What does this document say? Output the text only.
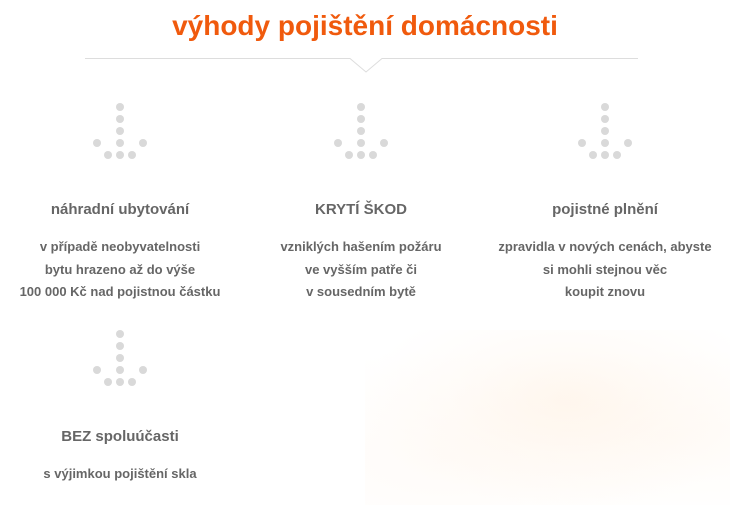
výhody pojištění domácnosti

náhradní ubytování

v případě neobyvatelnosti
bytu hrazeno až do výše
100 000 Kč nad pojistnou částku

KRYTÍ ŠKOD

vzniklých hašením požáru
ve vyšším patře či
v sousedním bytě

pojistné plnění

zpravidla v nových cenách, abyste
si mohli stejnou věc
koupit znovu

BEZ spoluúčasti

s výjimkou pojištění skla
